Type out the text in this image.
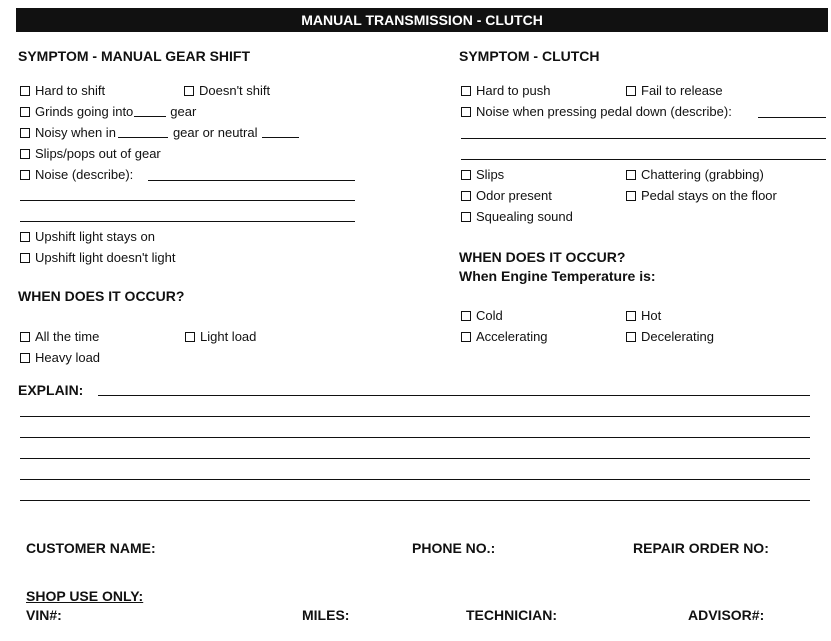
MANUAL TRANSMISSION - CLUTCH
SYMPTOM - MANUAL GEAR SHIFT
Hard to shift	Doesn't shift
Grinds going into	gear
Noisy when in	gear or neutral
Slips/pops out of gear
Noise (describe):
Upshift light stays on
Upshift light doesn't light
WHEN DOES IT OCCUR?
All the time	Light load
Heavy load
SYMPTOM - CLUTCH
Hard to push	Fail to release
Noise when pressing pedal down (describe):
Slips	Chattering (grabbing)
Odor present	Pedal stays on the floor
Squealing sound
WHEN DOES IT OCCUR?
When Engine Temperature is:
Cold	Hot
Accelerating	Decelerating
EXPLAIN:
CUSTOMER NAME:	PHONE NO.:	REPAIR ORDER NO:
SHOP USE ONLY:
VIN#:	MILES:	TECHNICIAN:	ADVISOR#:
